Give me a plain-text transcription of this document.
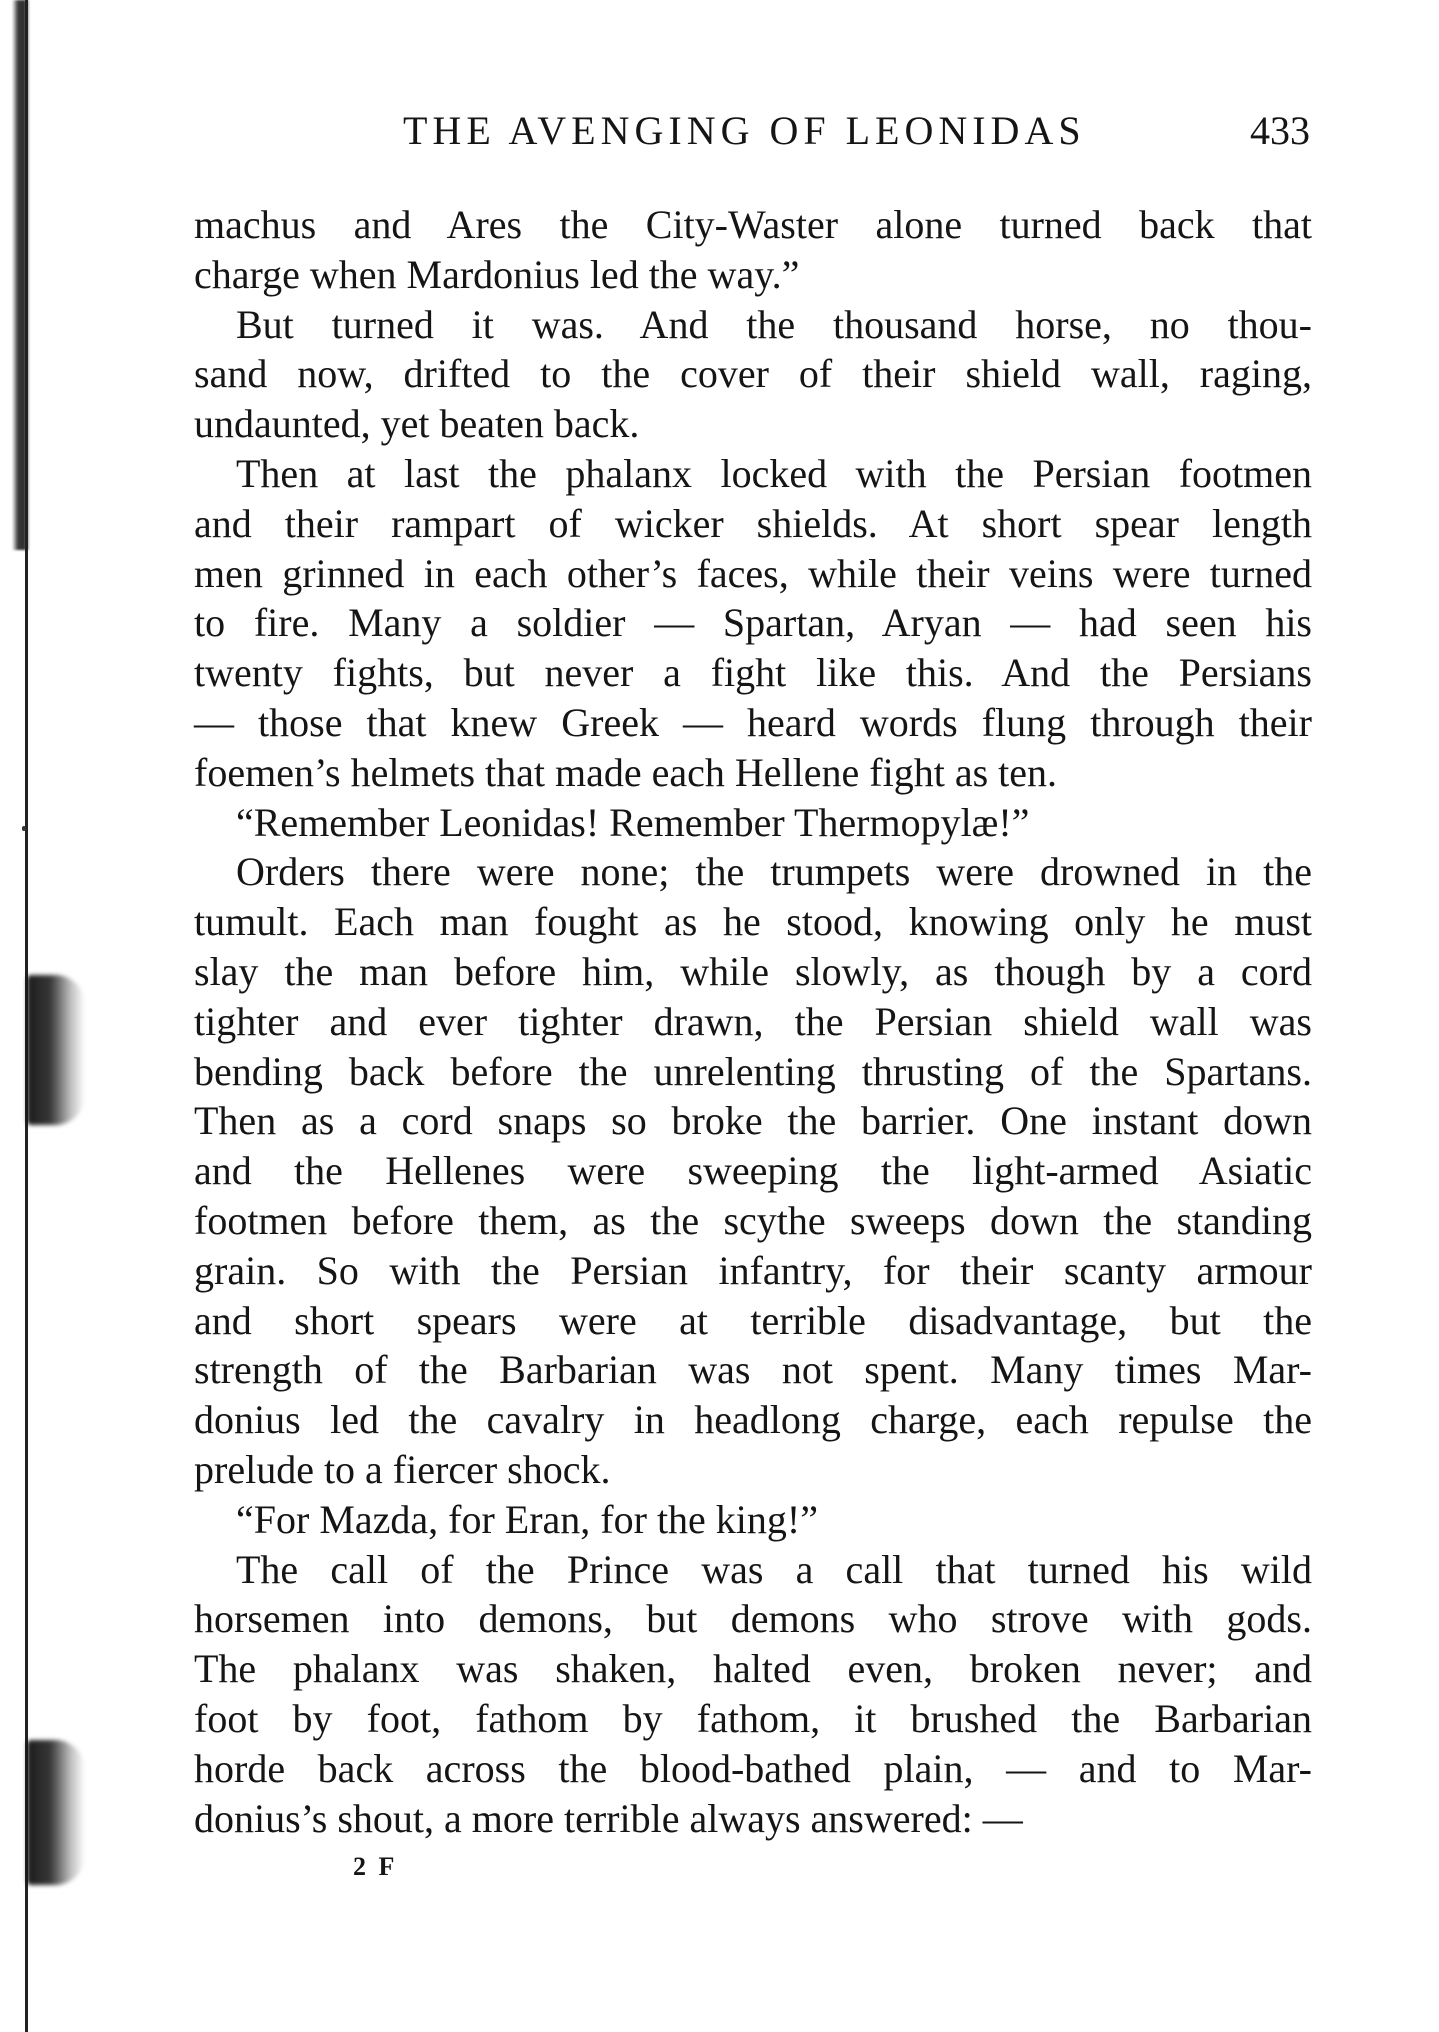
THE AVENGING OF LEONIDAS	433
machus and Ares the City-Waster alone turned back that
charge when Mardonius led the way.”
But turned it was. And the thousand horse, no thou-
sand now, drifted to the cover of their shield wall, raging,
undaunted, yet beaten back.
Then at last the phalanx locked with the Persian footmen
and their rampart of wicker shields. At short spear length
men grinned in each other’s faces, while their veins were turned
to fire. Many a soldier — Spartan, Aryan — had seen his
twenty fights, but never a fight like this. And the Persians
— those that knew Greek — heard words flung through their
foemen’s helmets that made each Hellene fight as ten.
“Remember Leonidas! Remember Thermopylæ!”
Orders there were none; the trumpets were drowned in the
tumult. Each man fought as he stood, knowing only he must
slay the man before him, while slowly, as though by a cord
tighter and ever tighter drawn, the Persian shield wall was
bending back before the unrelenting thrusting of the Spartans.
Then as a cord snaps so broke the barrier. One instant down
and the Hellenes were sweeping the light-armed Asiatic
footmen before them, as the scythe sweeps down the standing
grain. So with the Persian infantry, for their scanty armour
and short spears were at terrible disadvantage, but the
strength of the Barbarian was not spent. Many times Mar-
donius led the cavalry in headlong charge, each repulse the
prelude to a fiercer shock.
“For Mazda, for Eran, for the king!”
The call of the Prince was a call that turned his wild
horsemen into demons, but demons who strove with gods.
The phalanx was shaken, halted even, broken never; and
foot by foot, fathom by fathom, it brushed the Barbarian
horde back across the blood-bathed plain, — and to Mar-
donius’s shout, a more terrible always answered: —
2 F
